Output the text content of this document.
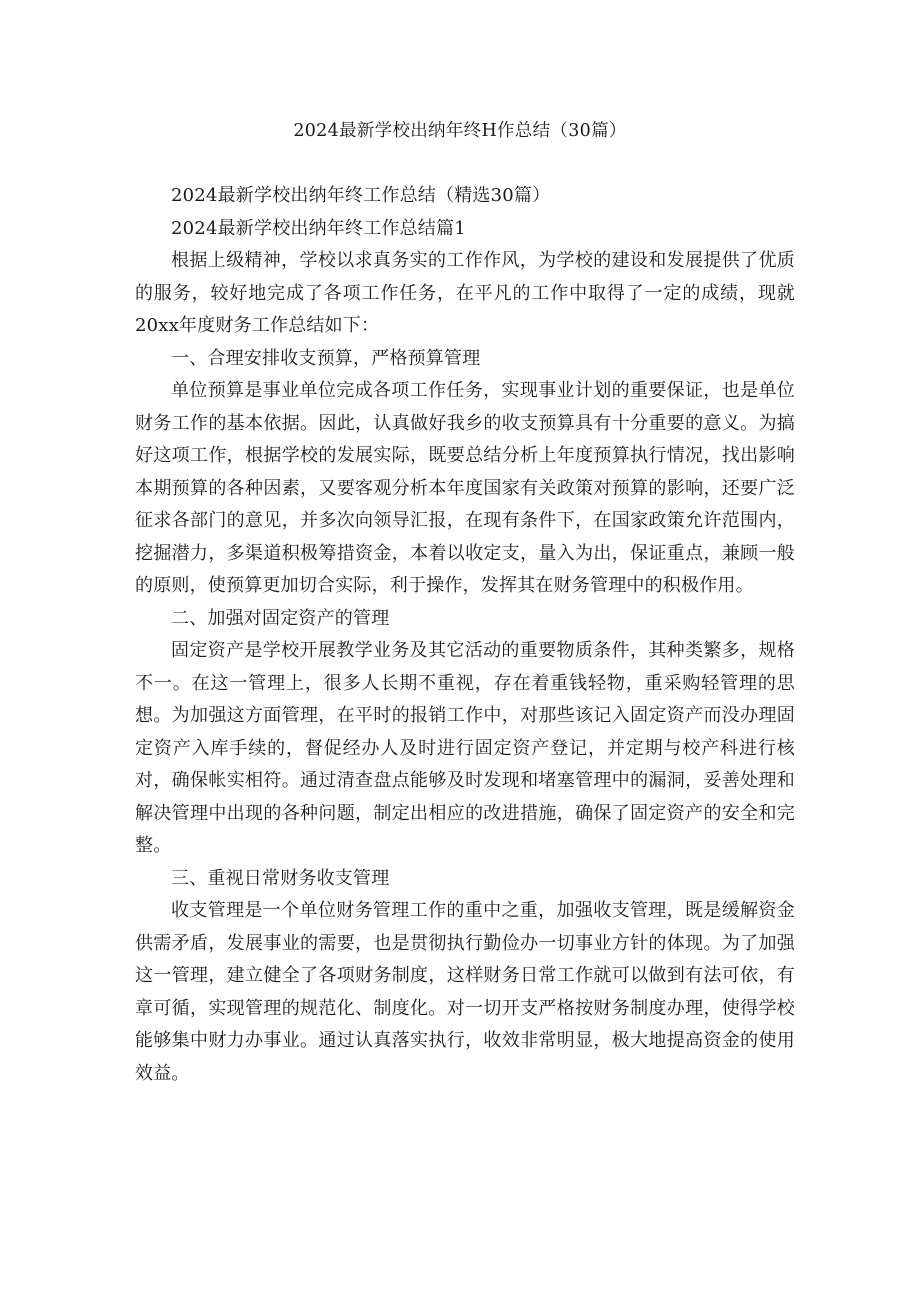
2024最新学校出纳年终H作总结（30篇）

2024最新学校出纳年终工作总结（精选30篇）

2024最新学校出纳年终工作总结篇1

根据上级精神，学校以求真务实的工作作风，为学校的建设和发展提供了优质的服务，较好地完成了各项工作任务，在平凡的工作中取得了一定的成绩，现就20xx年度财务工作总结如下：

一、合理安排收支预算，严格预算管理

单位预算是事业单位完成各项工作任务，实现事业计划的重要保证，也是单位财务工作的基本依据。因此，认真做好我乡的收支预算具有十分重要的意义。为搞好这项工作，根据学校的发展实际，既要总结分析上年度预算执行情况，找出影响本期预算的各种因素，又要客观分析本年度国家有关政策对预算的影响，还要广泛征求各部门的意见，并多次向领导汇报，在现有条件下，在国家政策允许范围内，挖掘潜力，多渠道积极筹措资金，本着以收定支，量入为出，保证重点，兼顾一般的原则，使预算更加切合实际，利于操作，发挥其在财务管理中的积极作用。

二、加强对固定资产的管理

固定资产是学校开展教学业务及其它活动的重要物质条件，其种类繁多，规格不一。在这一管理上，很多人长期不重视，存在着重钱轻物，重采购轻管理的思想。为加强这方面管理，在平时的报销工作中，对那些该记入固定资产而没办理固定资产入库手续的，督促经办人及时进行固定资产登记，并定期与校产科进行核对，确保帐实相符。通过清查盘点能够及时发现和堵塞管理中的漏洞，妥善处理和解决管理中出现的各种问题，制定出相应的改进措施，确保了固定资产的安全和完整。

三、重视日常财务收支管理

收支管理是一个单位财务管理工作的重中之重，加强收支管理，既是缓解资金供需矛盾，发展事业的需要，也是贯彻执行勤俭办一切事业方针的体现。为了加强这一管理，建立健全了各项财务制度，这样财务日常工作就可以做到有法可依，有章可循，实现管理的规范化、制度化。对一切开支严格按财务制度办理，使得学校能够集中财力办事业。通过认真落实执行，收效非常明显，极大地提高资金的使用效益。
